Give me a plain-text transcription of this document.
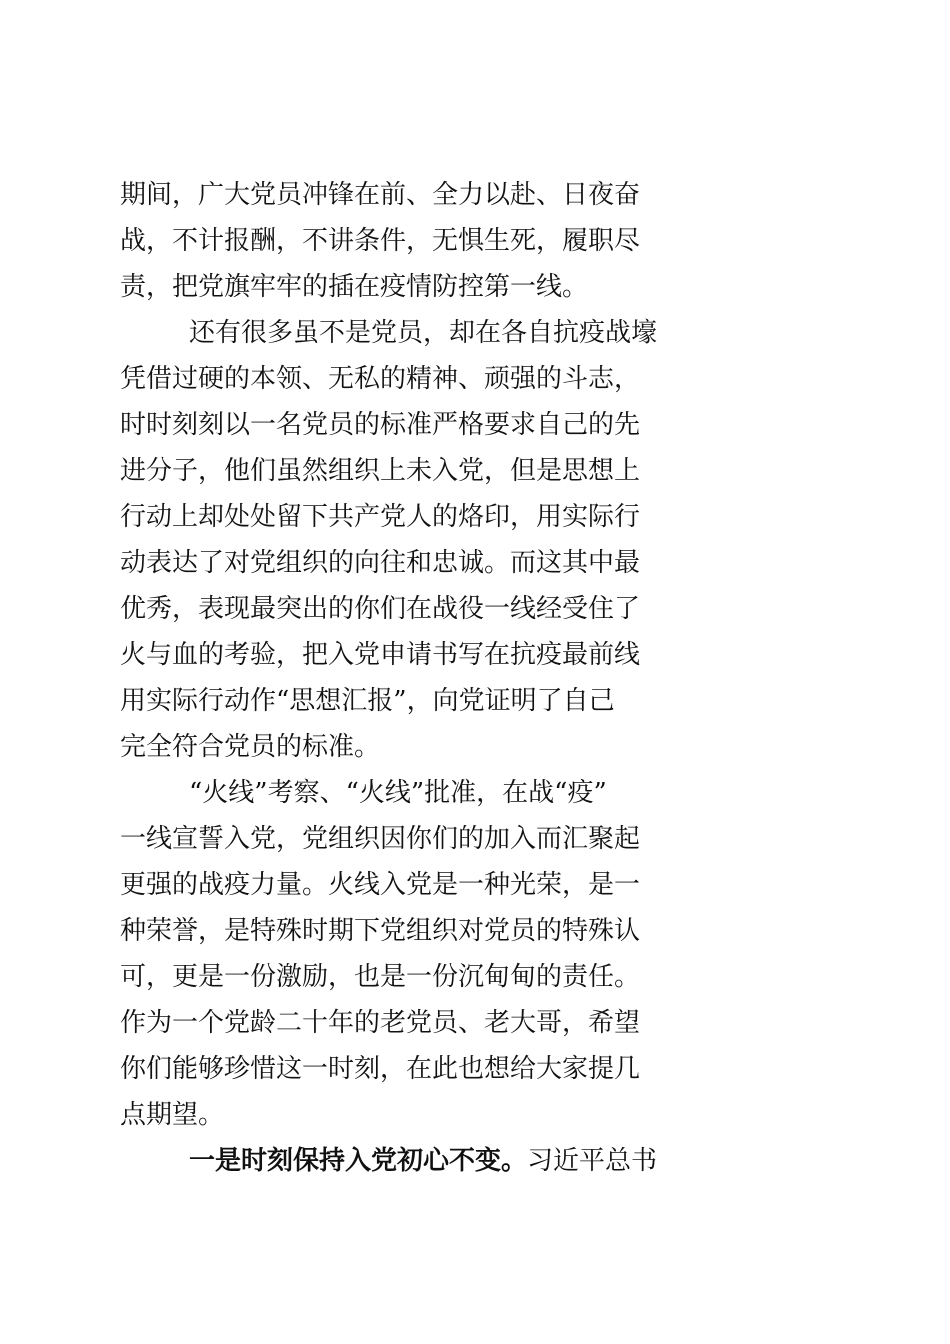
期间，广大党员冲锋在前、全力以赴、日夜奋
战，不计报酬，不讲条件，无惧生死，履职尽
责，把党旗牢牢的插在疫情防控第一线。
还有很多虽不是党员，却在各自抗疫战壕
凭借过硬的本领、无私的精神、顽强的斗志，
时时刻刻以一名党员的标准严格要求自己的先
进分子，他们虽然组织上未入党，但是思想上
行动上却处处留下共产党人的烙印，用实际行
动表达了对党组织的向往和忠诚。而这其中最
优秀，表现最突出的你们在战役一线经受住了
火与血的考验，把入党申请书写在抗疫最前线
用实际行动作“思想汇报”，向党证明了自己
完全符合党员的标准。
“火线”考察、“火线”批准，在战“疫”
一线宣誓入党，党组织因你们的加入而汇聚起
更强的战疫力量。火线入党是一种光荣，是一
种荣誉，是特殊时期下党组织对党员的特殊认
可，更是一份激励，也是一份沉甸甸的责任。
作为一个党龄二十年的老党员、老大哥，希望
你们能够珍惜这一时刻，在此也想给大家提几
点期望。
一是时刻保持入党初心不变。习近平总书
